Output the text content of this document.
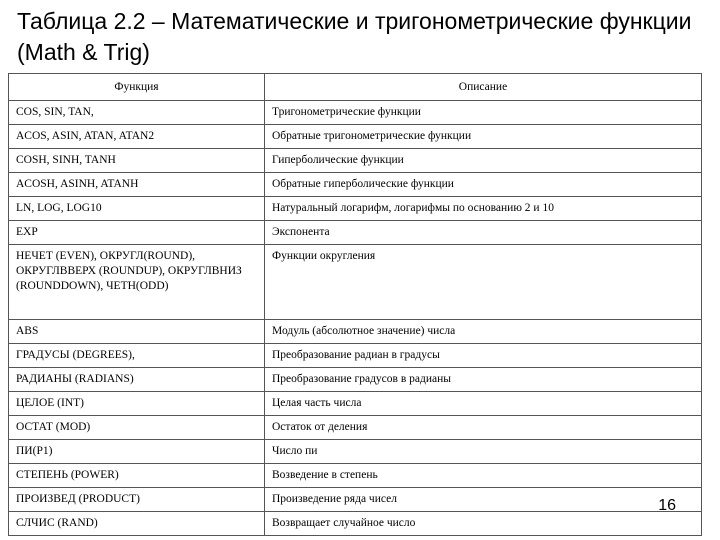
Таблица 2.2 – Математические и тригонометрические функции (Math & Trig)
Функция	Описание
COS, SIN, TAN,	Тригонометрические функции
ACOS, ASIN, ATAN, ATAN2	Обратные тригонометрические функции
COSH, SINH, TANH	Гиперболические функции
ACOSH, ASINH, ATANH	Обратные гиперболические функции
LN, LOG, LOG10	Натуральный логарифм, логарифмы по основанию 2 и 10
EXP	Экспонента
НЕЧЕТ (EVEN), ОКРУГЛ(ROUND), ОКРУГЛВВЕРХ (ROUNDUP), ОКРУГЛВНИЗ (ROUNDDOWN), ЧЕТН(ODD)	Функции округления
ABS	Модуль (абсолютное значение) числа
ГРАДУСЫ (DEGREES),	Преобразование радиан в градусы
РАДИАНЫ (RADIANS)	Преобразование градусов в радианы
ЦЕЛОЕ (INT)	Целая часть числа
ОСТАТ (MOD)	Остаток от деления
ПИ(P1)	Число пи
СТЕПЕНЬ (POWER)	Возведение в степень
ПРОИЗВЕД (PRODUCT)	Произведение ряда чисел
СЛЧИС (RAND)	Возвращает случайное число
16
